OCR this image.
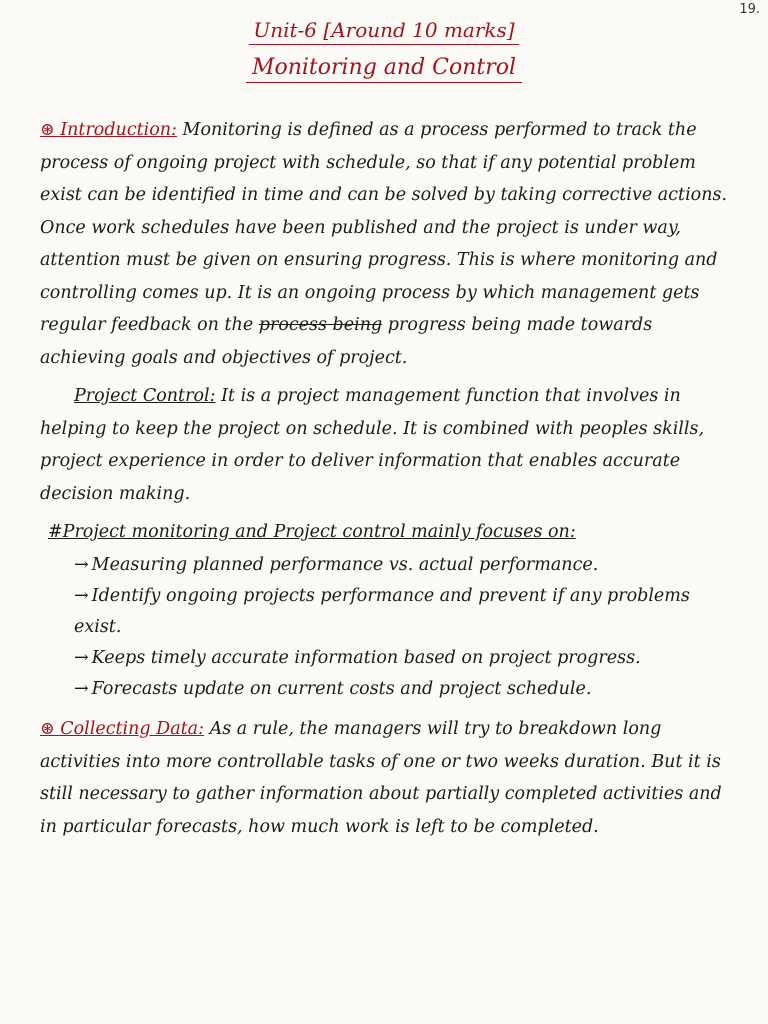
19.
Unit-6 [Around 10 marks]
Monitoring and Control

⊛ Introduction: Monitoring is defined as a process performed to track the process of ongoing project with schedule, so that if any potential problem exist can be identified in time and can be solved by taking corrective actions. Once work schedules have been published and the project is under way, attention must be given on ensuring progress. This is where monitoring and controlling comes up. It is an ongoing process by which management gets regular feedback on the process being progress being made towards achieving goals and objectives of project.

Project Control: It is a project management function that involves in helping to keep the project on schedule. It is combined with peoples skills, project experience in order to deliver information that enables accurate decision making.

#Project monitoring and Project control mainly focuses on:
→ Measuring planned performance vs. actual performance.
→ Identify ongoing projects performance and prevent if any problems exist.
→ Keeps timely accurate information based on project progress.
→ Forecasts update on current costs and project schedule.

⊛ Collecting Data: As a rule, the managers will try to breakdown long activities into more controllable tasks of one or two weeks duration. But it is still necessary to gather information about partially completed activities and in particular forecasts, how much work is left to be completed.
